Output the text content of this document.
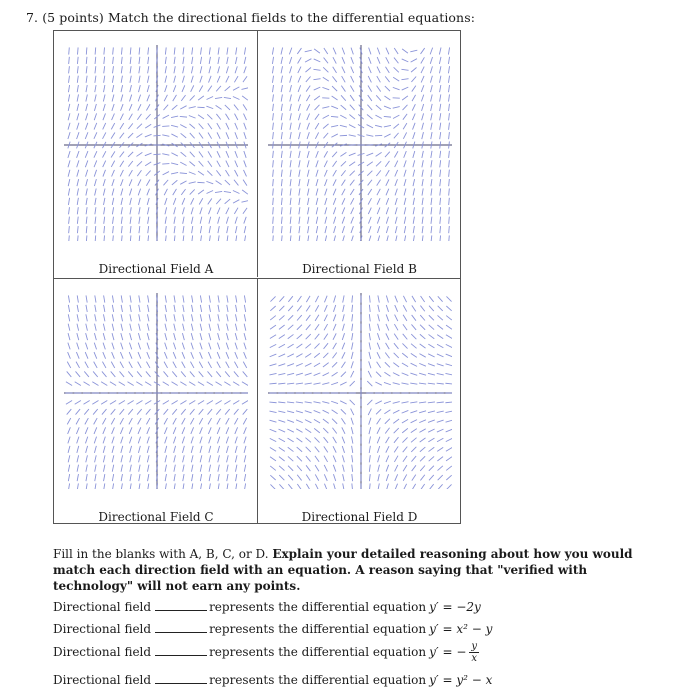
7. (5 points) Match the directional fields to the differential equations:
Directional Field A	Directional Field B
Directional Field C	Directional Field D
Fill in the blanks with A, B, C, or D. Explain your detailed reasoning about how you would match each direction field with an equation. A reason saying that "verified with technology" will not earn any points.
Directional field	represents the differential equation y′ = −2y
Directional field	represents the differential equation y′ = x² − y
Directional field	represents the differential equation y′ = − $\frac{y}{x}$
Directional field	represents the differential equation y′ = y² − x
